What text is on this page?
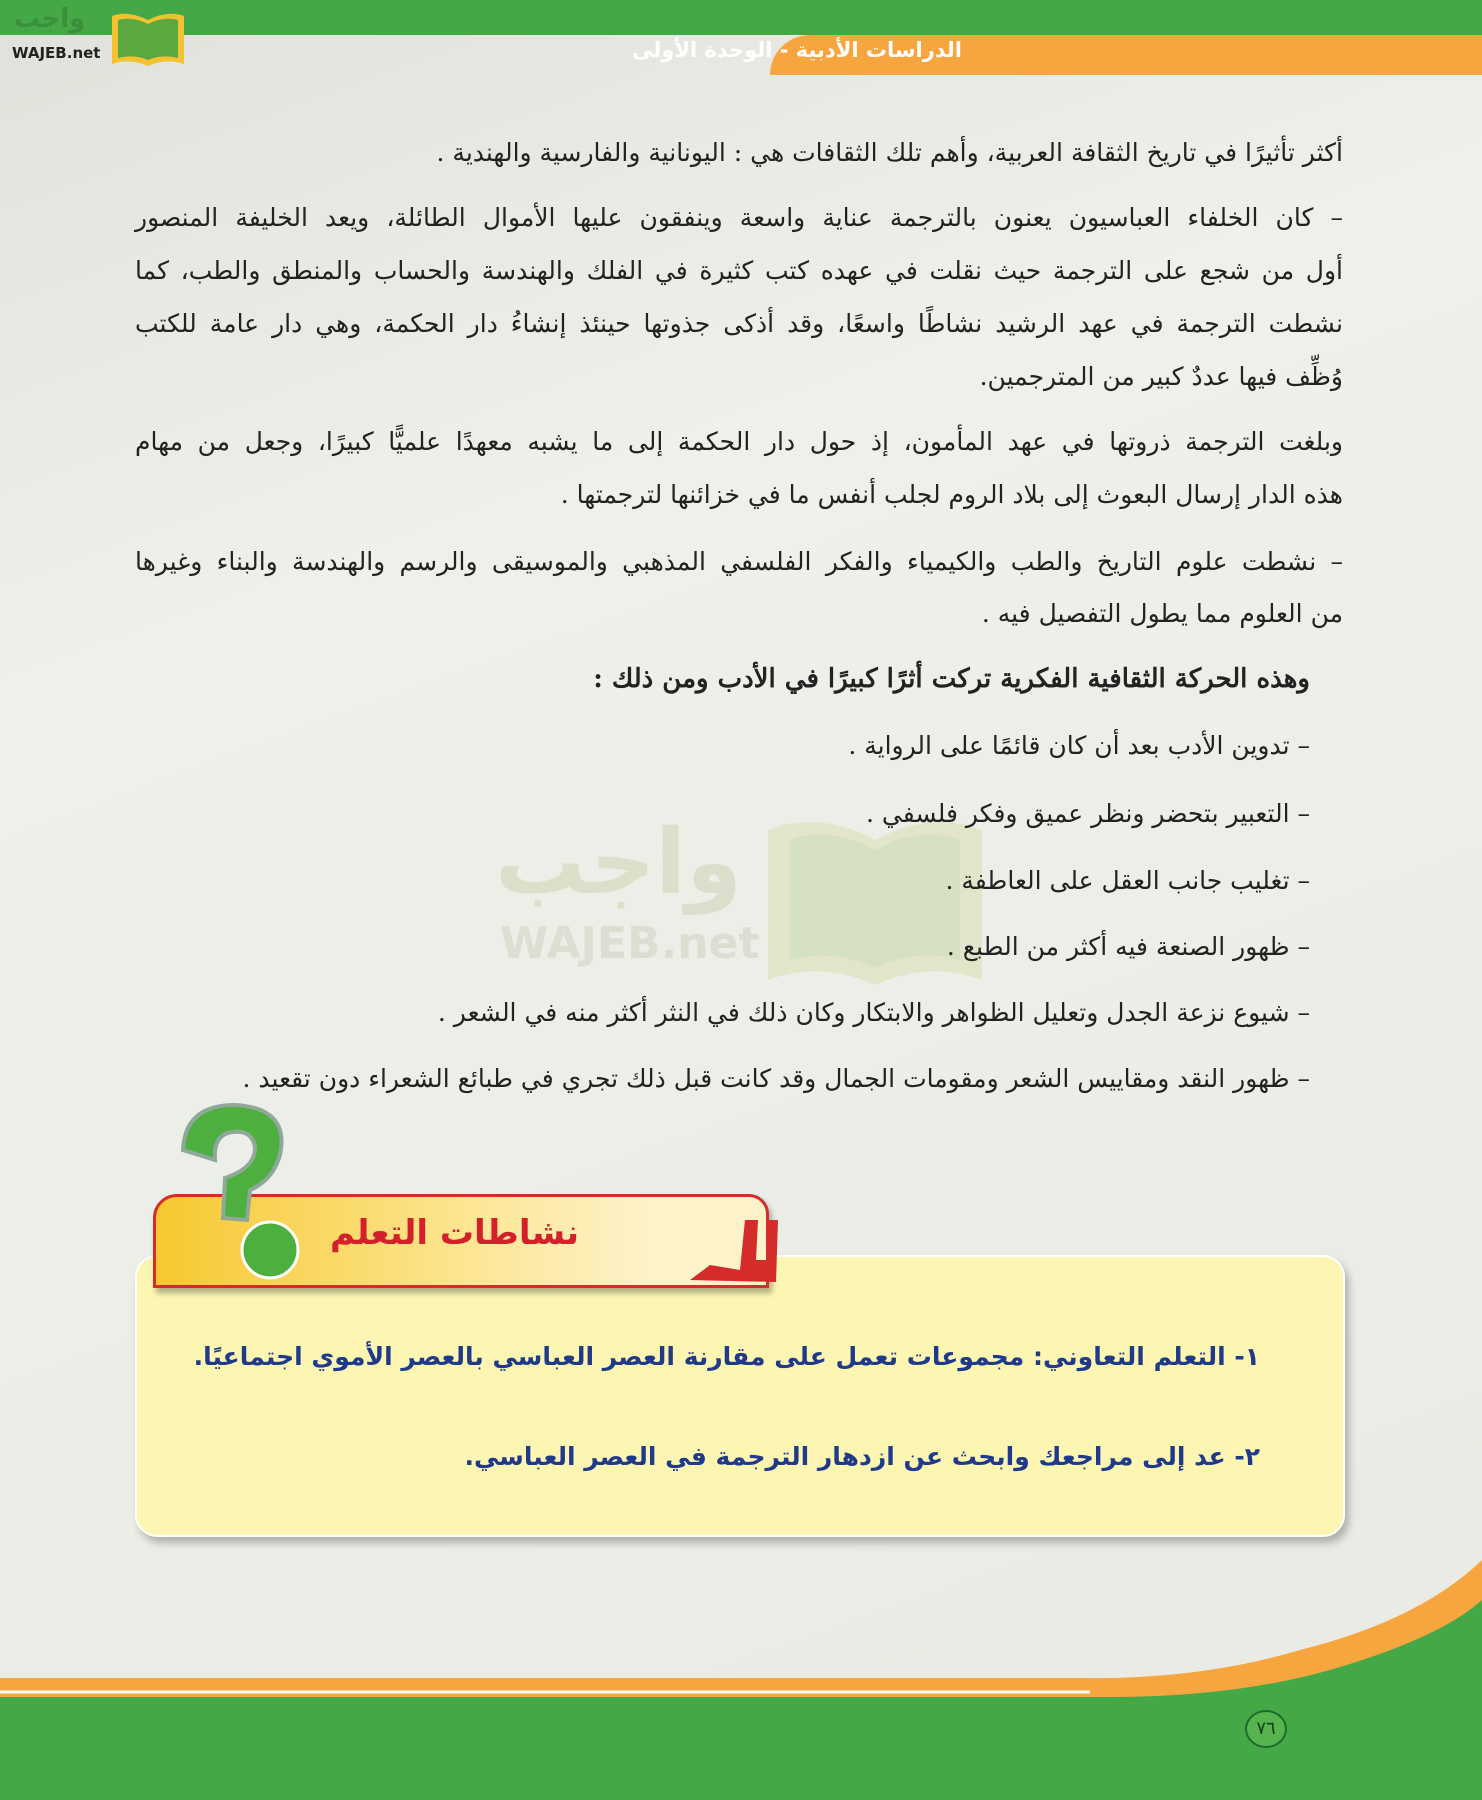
الدراسات الأدبية - الوحدة الأولى
واجب
WAJEB.net
واجب
WAJEB.net
أكثر تأثيرًا في تاريخ الثقافة العربية، وأهم تلك الثقافات هي : اليونانية والفارسية والهندية .
– كان الخلفاء العباسيون يعنون بالترجمة عناية واسعة وينفقون عليها الأموال الطائلة، ويعد الخليفة المنصور
أول من شجع على الترجمة حيث نقلت في عهده كتب كثيرة في الفلك والهندسة والحساب والمنطق والطب، كما
نشطت الترجمة في عهد الرشيد نشاطًا واسعًا، وقد أذكى جذوتها حينئذ إنشاءُ دار الحكمة، وهي دار عامة للكتب
وُظِّف فيها عددٌ كبير من المترجمين.
وبلغت الترجمة ذروتها في عهد المأمون، إذ حول دار الحكمة إلى ما يشبه معهدًا علميًّا كبيرًا، وجعل من مهام
هذه الدار إرسال البعوث إلى بلاد الروم لجلب أنفس ما في خزائنها لترجمتها .
– نشطت علوم التاريخ والطب والكيمياء والفكر الفلسفي المذهبي والموسيقى والرسم والهندسة والبناء وغيرها
من العلوم مما يطول التفصيل فيه .
وهذه الحركة الثقافية الفكرية تركت أثرًا كبيرًا في الأدب ومن ذلك :
– تدوين الأدب بعد أن كان قائمًا على الرواية .
– التعبير بتحضر ونظر عميق وفكر فلسفي .
– تغليب جانب العقل على العاطفة .
– ظهور الصنعة فيه أكثر من الطبع .
– شيوع نزعة الجدل وتعليل الظواهر والابتكار وكان ذلك في النثر أكثر منه في الشعر .
– ظهور النقد ومقاييس الشعر ومقومات الجمال وقد كانت قبل ذلك تجري في طبائع الشعراء دون تقعيد .
نشاطات التعلم
١- التعلم التعاوني: مجموعات تعمل على مقارنة العصر العباسي بالعصر الأموي اجتماعيًا.
٢- عد إلى مراجعك وابحث عن ازدهار الترجمة في العصر العباسي.
٧٦
